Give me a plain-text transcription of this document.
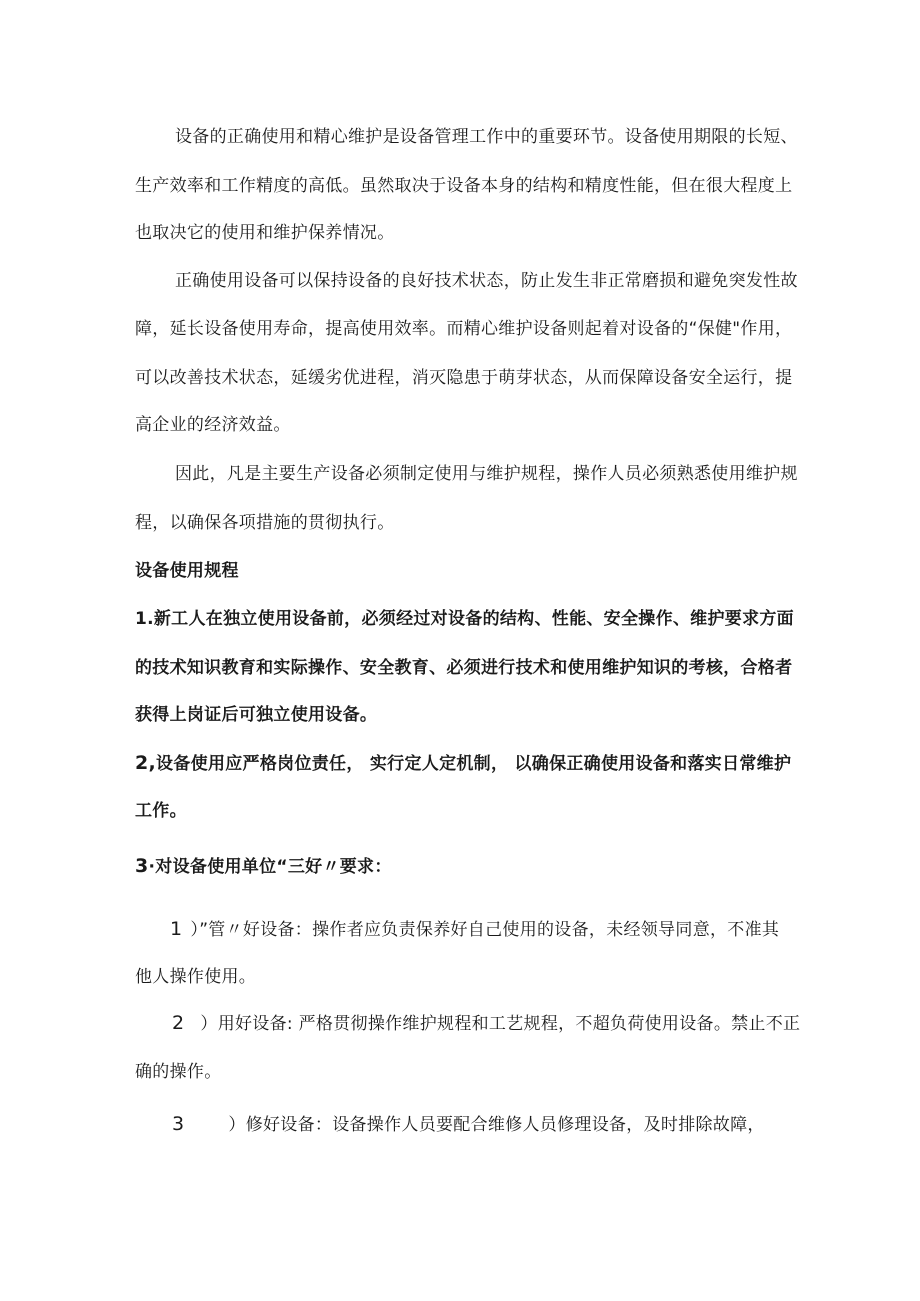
设备的正确使用和精心维护是设备管理工作中的重要环节。设备使用期限的长短、
生产效率和工作精度的高低。虽然取决于设备本身的结构和精度性能，但在很大程度上
也取决它的使用和维护保养情况。
正确使用设备可以保持设备的良好技术状态，防止发生非正常磨损和避免突发性故
障，延长设备使用寿命，提高使用效率。而精心维护设备则起着对设备的“保健"作用，
可以改善技术状态，延缓劣优进程，消灭隐患于萌芽状态，从而保障设备安全运行，提
高企业的经济效益。
因此，凡是主要生产设备必须制定使用与维护规程，操作人员必须熟悉使用维护规
程，以确保各项措施的贯彻执行。
设备使用规程
1.新工人在独立使用设备前，必须经过对设备的结构、性能、安全操作、维护要求方面
的技术知识教育和实际操作、安全教育、必须进行技术和使用维护知识的考核，合格者
获得上岗证后可独立使用设备。
2,设备使用应严格岗位责任， 实行定人定机制， 以确保正确使用设备和落实日常维护
工作。
3·对设备使用单位“三好〃要求：
1 ）”管〃好设备：操作者应负责保养好自己使用的设备，未经领导同意，不准其
他人操作使用。
2 ）用好设备: 严格贯彻操作维护规程和工艺规程，不超负荷使用设备。禁止不正
确的操作。
3	）修好设备：设备操作人员要配合维修人员修理设备，及时排除故障，
